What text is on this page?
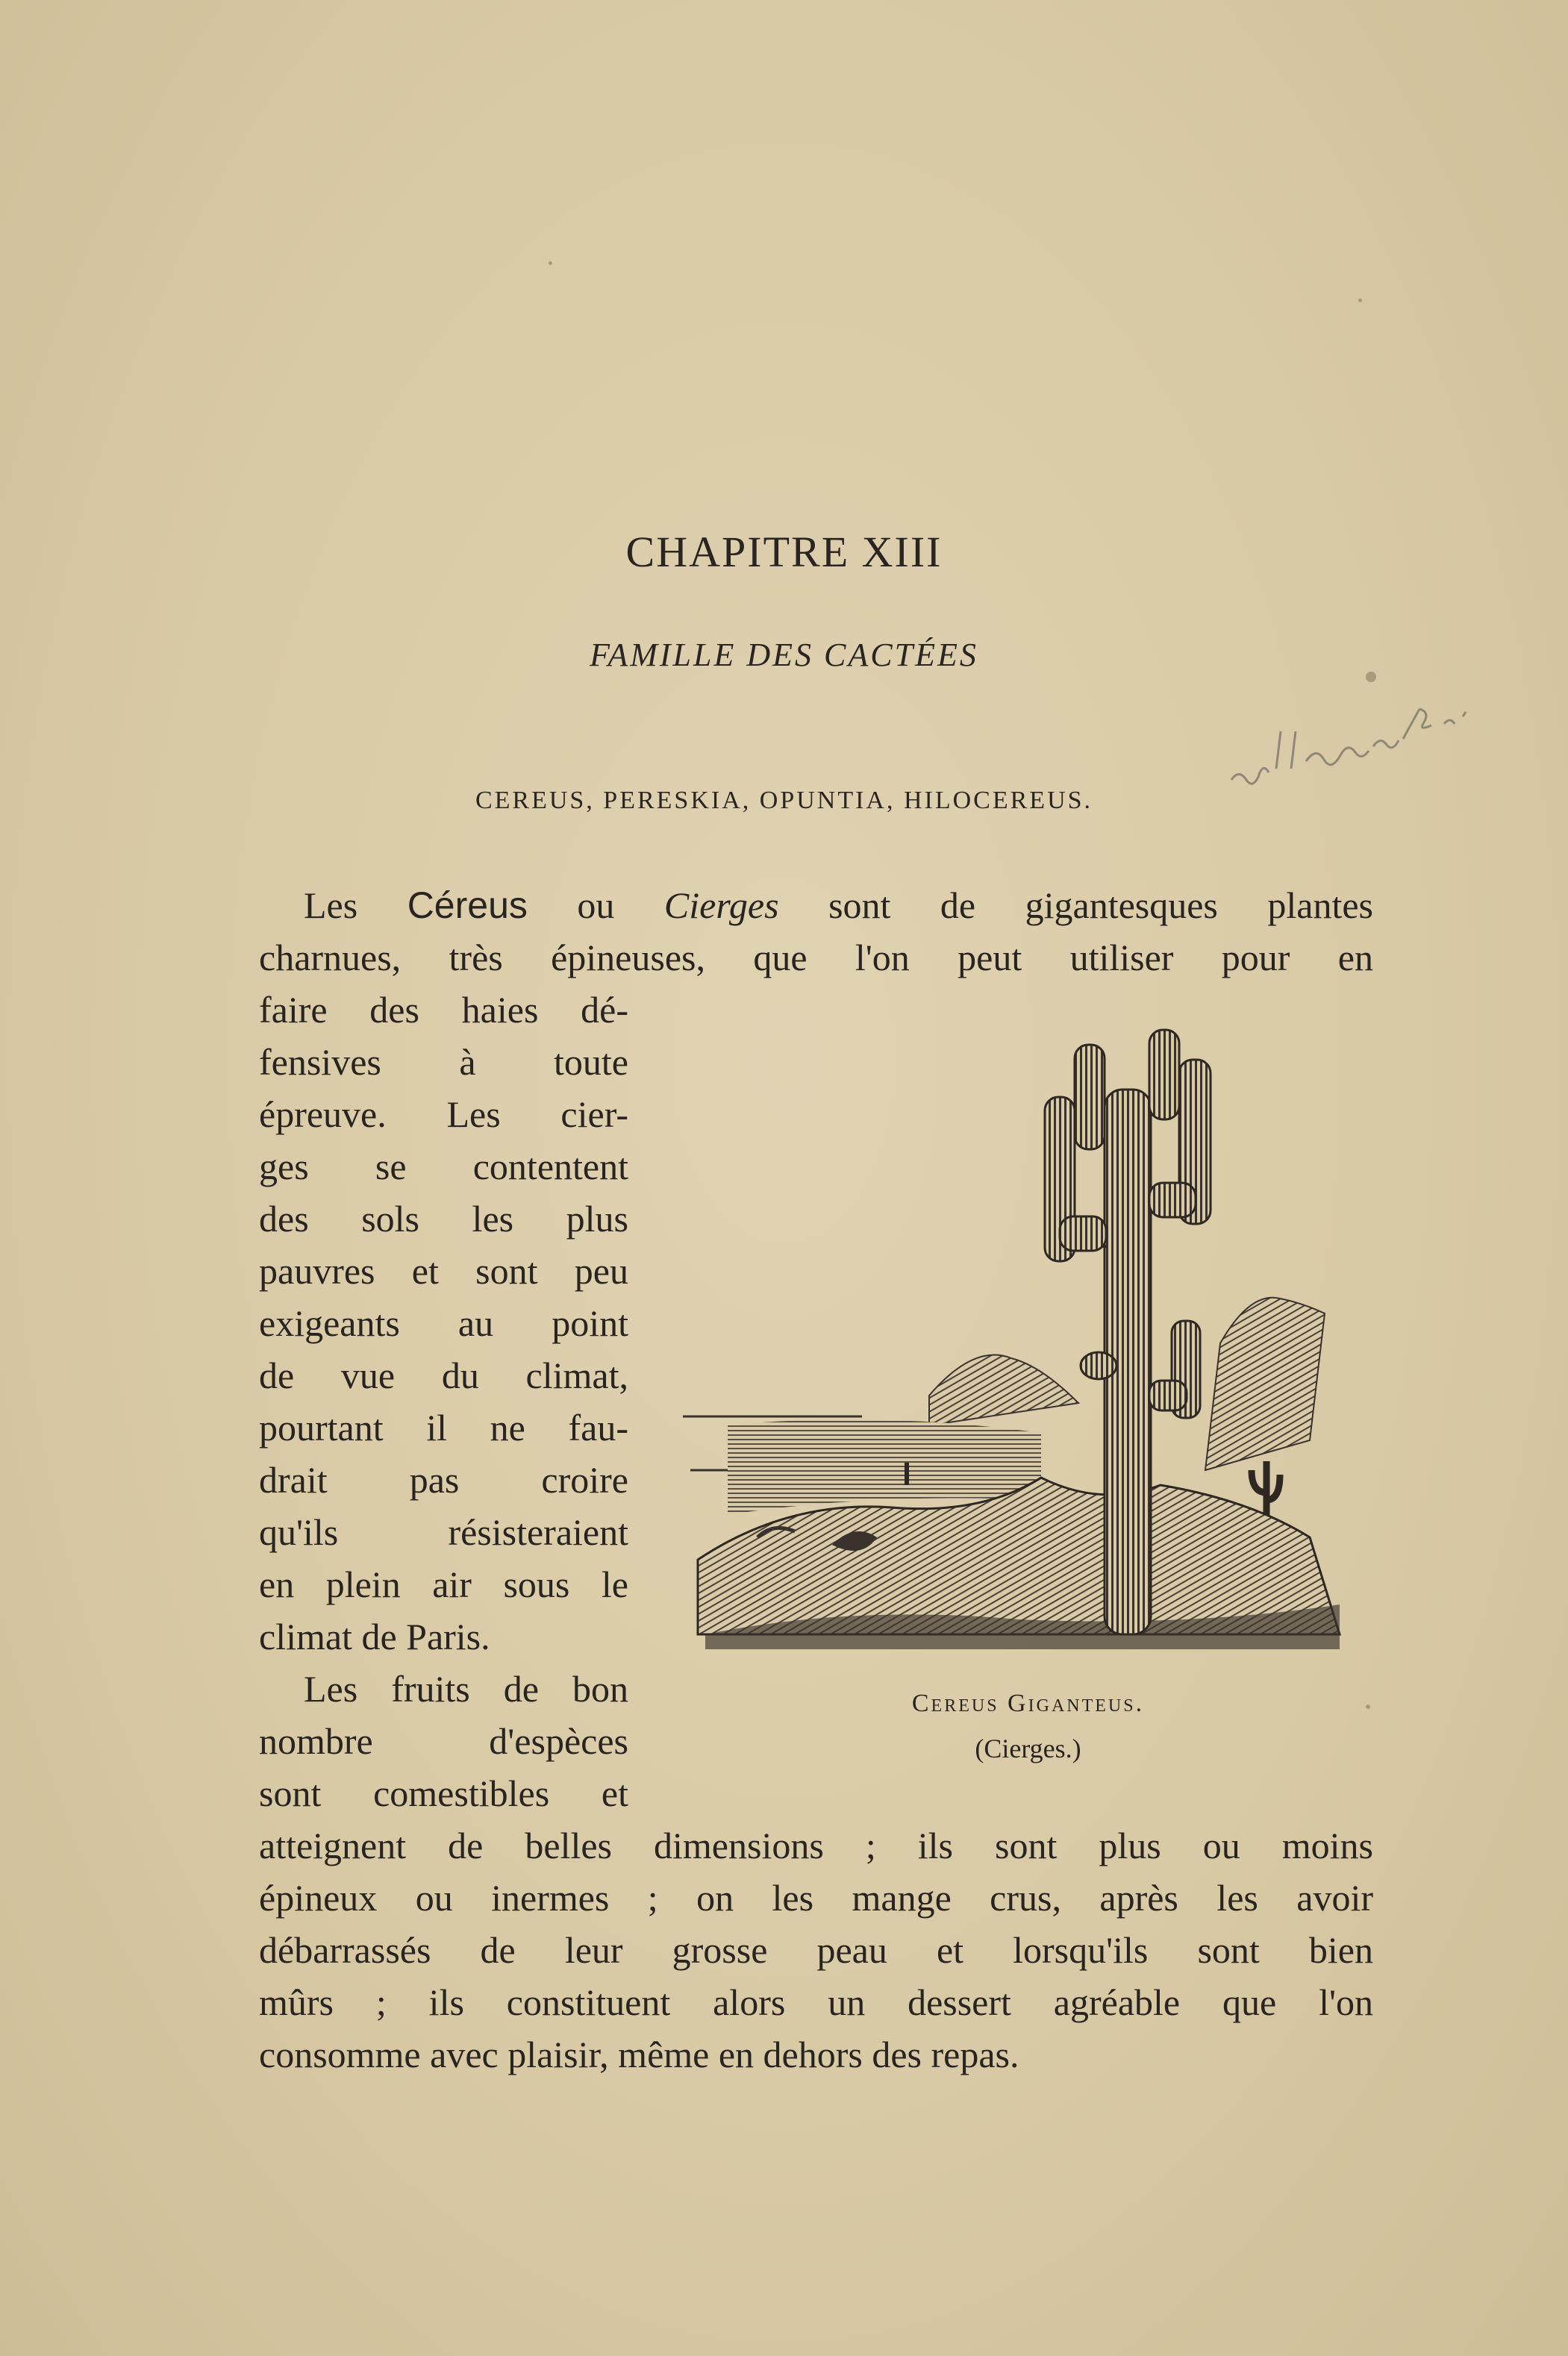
CHAPITRE XIII
FAMILLE DES CACTÉES
CEREUS, PERESKIA, OPUNTIA, HILOCEREUS.
Les Céreus ou Cierges sont de gigantesques plantes
charnues, très épineuses, que l'on peut utiliser pour en
faire des haies dé-
fensives à toute
épreuve. Les cier-
ges se contentent
des sols les plus
pauvres et sont peu
exigeants au point
de vue du climat,
pourtant il ne fau-
drait pas croire
qu'ils résisteraient
en plein air sous le
climat de Paris.
Les fruits de bon
nombre d'espèces
sont comestibles et
atteignent de belles dimensions ; ils sont plus ou moins
épineux ou inermes ; on les mange crus, après les avoir
débarrassés de leur grosse peau et lorsqu'ils sont bien
mûrs ; ils constituent alors un dessert agréable que l'on
consomme avec plaisir, même en dehors des repas.
Cereus Giganteus.
(Cierges.)
